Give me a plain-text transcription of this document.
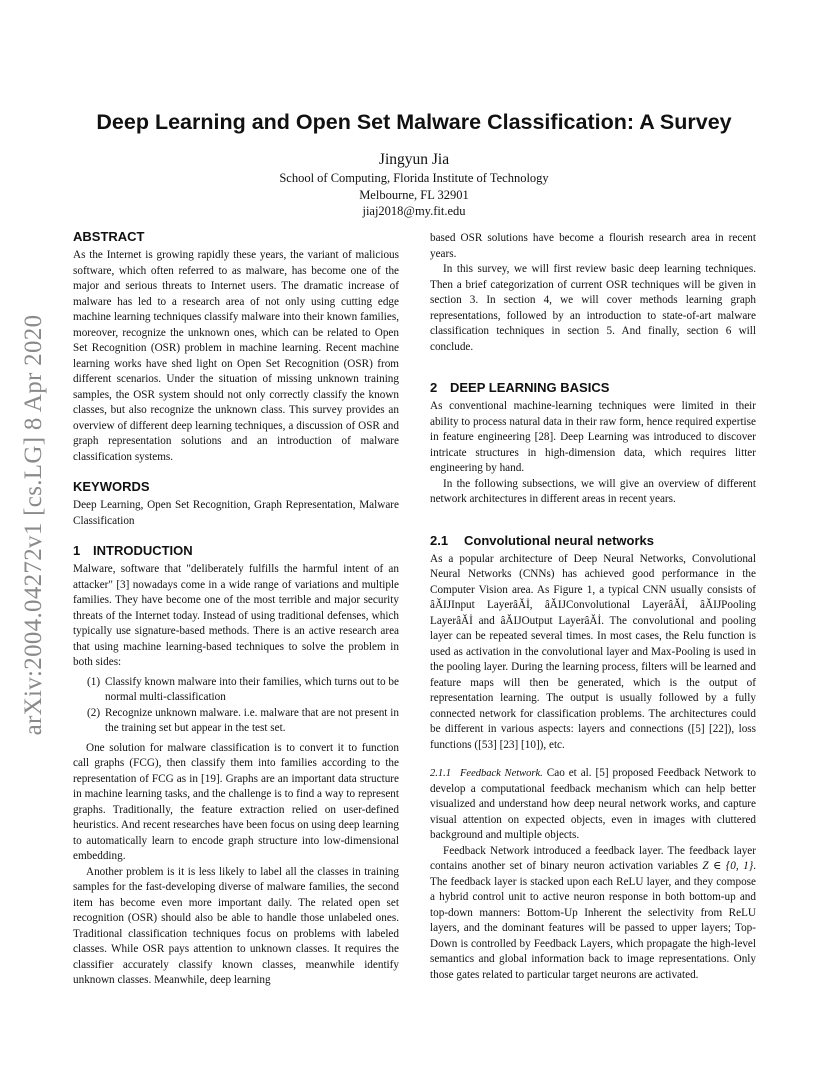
arXiv:2004.04272v1 [cs.LG] 8 Apr 2020
Deep Learning and Open Set Malware Classification: A Survey
Jingyun Jia
School of Computing, Florida Institute of Technology
Melbourne, FL 32901
jiaj2018@my.fit.edu
ABSTRACT

As the Internet is growing rapidly these years, the variant of malicious software, which often referred to as malware, has become one of the major and serious threats to Internet users. The dramatic increase of malware has led to a research area of not only using cutting edge machine learning techniques classify malware into their known families, moreover, recognize the unknown ones, which can be related to Open Set Recognition (OSR) problem in machine learning. Recent machine learning works have shed light on Open Set Recognition (OSR) from different scenarios. Under the situation of missing unknown training samples, the OSR system should not only correctly classify the known classes, but also recognize the unknown class. This survey provides an overview of different deep learning techniques, a discussion of OSR and graph representation solutions and an introduction of malware classification systems.

KEYWORDS

Deep Learning, Open Set Recognition, Graph Representation, Malware Classification

1 INTRODUCTION

Malware, software that "deliberately fulfills the harmful intent of an attacker" [3] nowadays come in a wide range of variations and multiple families. They have become one of the most terrible and major security threats of the Internet today. Instead of using traditional defenses, which typically use signature-based methods. There is an active research area that using machine learning-based techniques to solve the problem in both sides:

(1) Classify known malware into their families, which turns out to be normal multi-classification
(2) Recognize unknown malware. i.e. malware that are not present in the training set but appear in the test set.

One solution for malware classification is to convert it to function call graphs (FCG), then classify them into families according to the representation of FCG as in [19]. Graphs are an important data structure in machine learning tasks, and the challenge is to find a way to represent graphs. Traditionally, the feature extraction relied on user-defined heuristics. And recent researches have been focus on using deep learning to automatically learn to encode graph structure into low-dimensional embedding.

Another problem is it is less likely to label all the classes in training samples for the fast-developing diverse of malware families, the second item has become even more important daily. The related open set recognition (OSR) should also be able to handle those unlabeled ones. Traditional classification techniques focus on problems with labeled classes. While OSR pays attention to unknown classes. It requires the classifier accurately classify known classes, meanwhile identify unknown classes. Meanwhile, deep learning

based OSR solutions have become a flourish research area in recent years.

In this survey, we will first review basic deep learning techniques. Then a brief categorization of current OSR techniques will be given in section 3. In section 4, we will cover methods learning graph representations, followed by an introduction to state-of-art malware classification techniques in section 5. And finally, section 6 will conclude.

2 DEEP LEARNING BASICS

As conventional machine-learning techniques were limited in their ability to process natural data in their raw form, hence required expertise in feature engineering [28]. Deep Learning was introduced to discover intricate structures in high-dimension data, which requires litter engineering by hand.

In the following subsections, we will give an overview of different network architectures in different areas in recent years.

2.1 Convolutional neural networks

As a popular architecture of Deep Neural Networks, Convolutional Neural Networks (CNNs) has achieved good performance in the Computer Vision area. As Figure 1, a typical CNN usually consists of âĂIJInput LayerâĂİ, âĂIJConvolutional LayerâĂİ, âĂIJPooling LayerâĂİ and âĂIJOutput LayerâĂİ. The convolutional and pooling layer can be repeated several times. In most cases, the Relu function is used as activation in the convolutional layer and Max-Pooling is used in the pooling layer. During the learning process, filters will be learned and feature maps will then be generated, which is the output of representation learning. The output is usually followed by a fully connected network for classification problems. The architectures could be different in various aspects: layers and connections ([5] [22]), loss functions ([53] [23] [10]), etc.

2.1.1 Feedback Network. Cao et al. [5] proposed Feedback Network to develop a computational feedback mechanism which can help better visualized and understand how deep neural network works, and capture visual attention on expected objects, even in images with cluttered background and multiple objects.

Feedback Network introduced a feedback layer. The feedback layer contains another set of binary neuron activation variables Z ∈ {0, 1}. The feedback layer is stacked upon each ReLU layer, and they compose a hybrid control unit to active neuron response in both bottom-up and top-down manners: Bottom-Up Inherent the selectivity from ReLU layers, and the dominant features will be passed to upper layers; Top-Down is controlled by Feedback Layers, which propagate the high-level semantics and global information back to image representations. Only those gates related to particular target neurons are activated.
